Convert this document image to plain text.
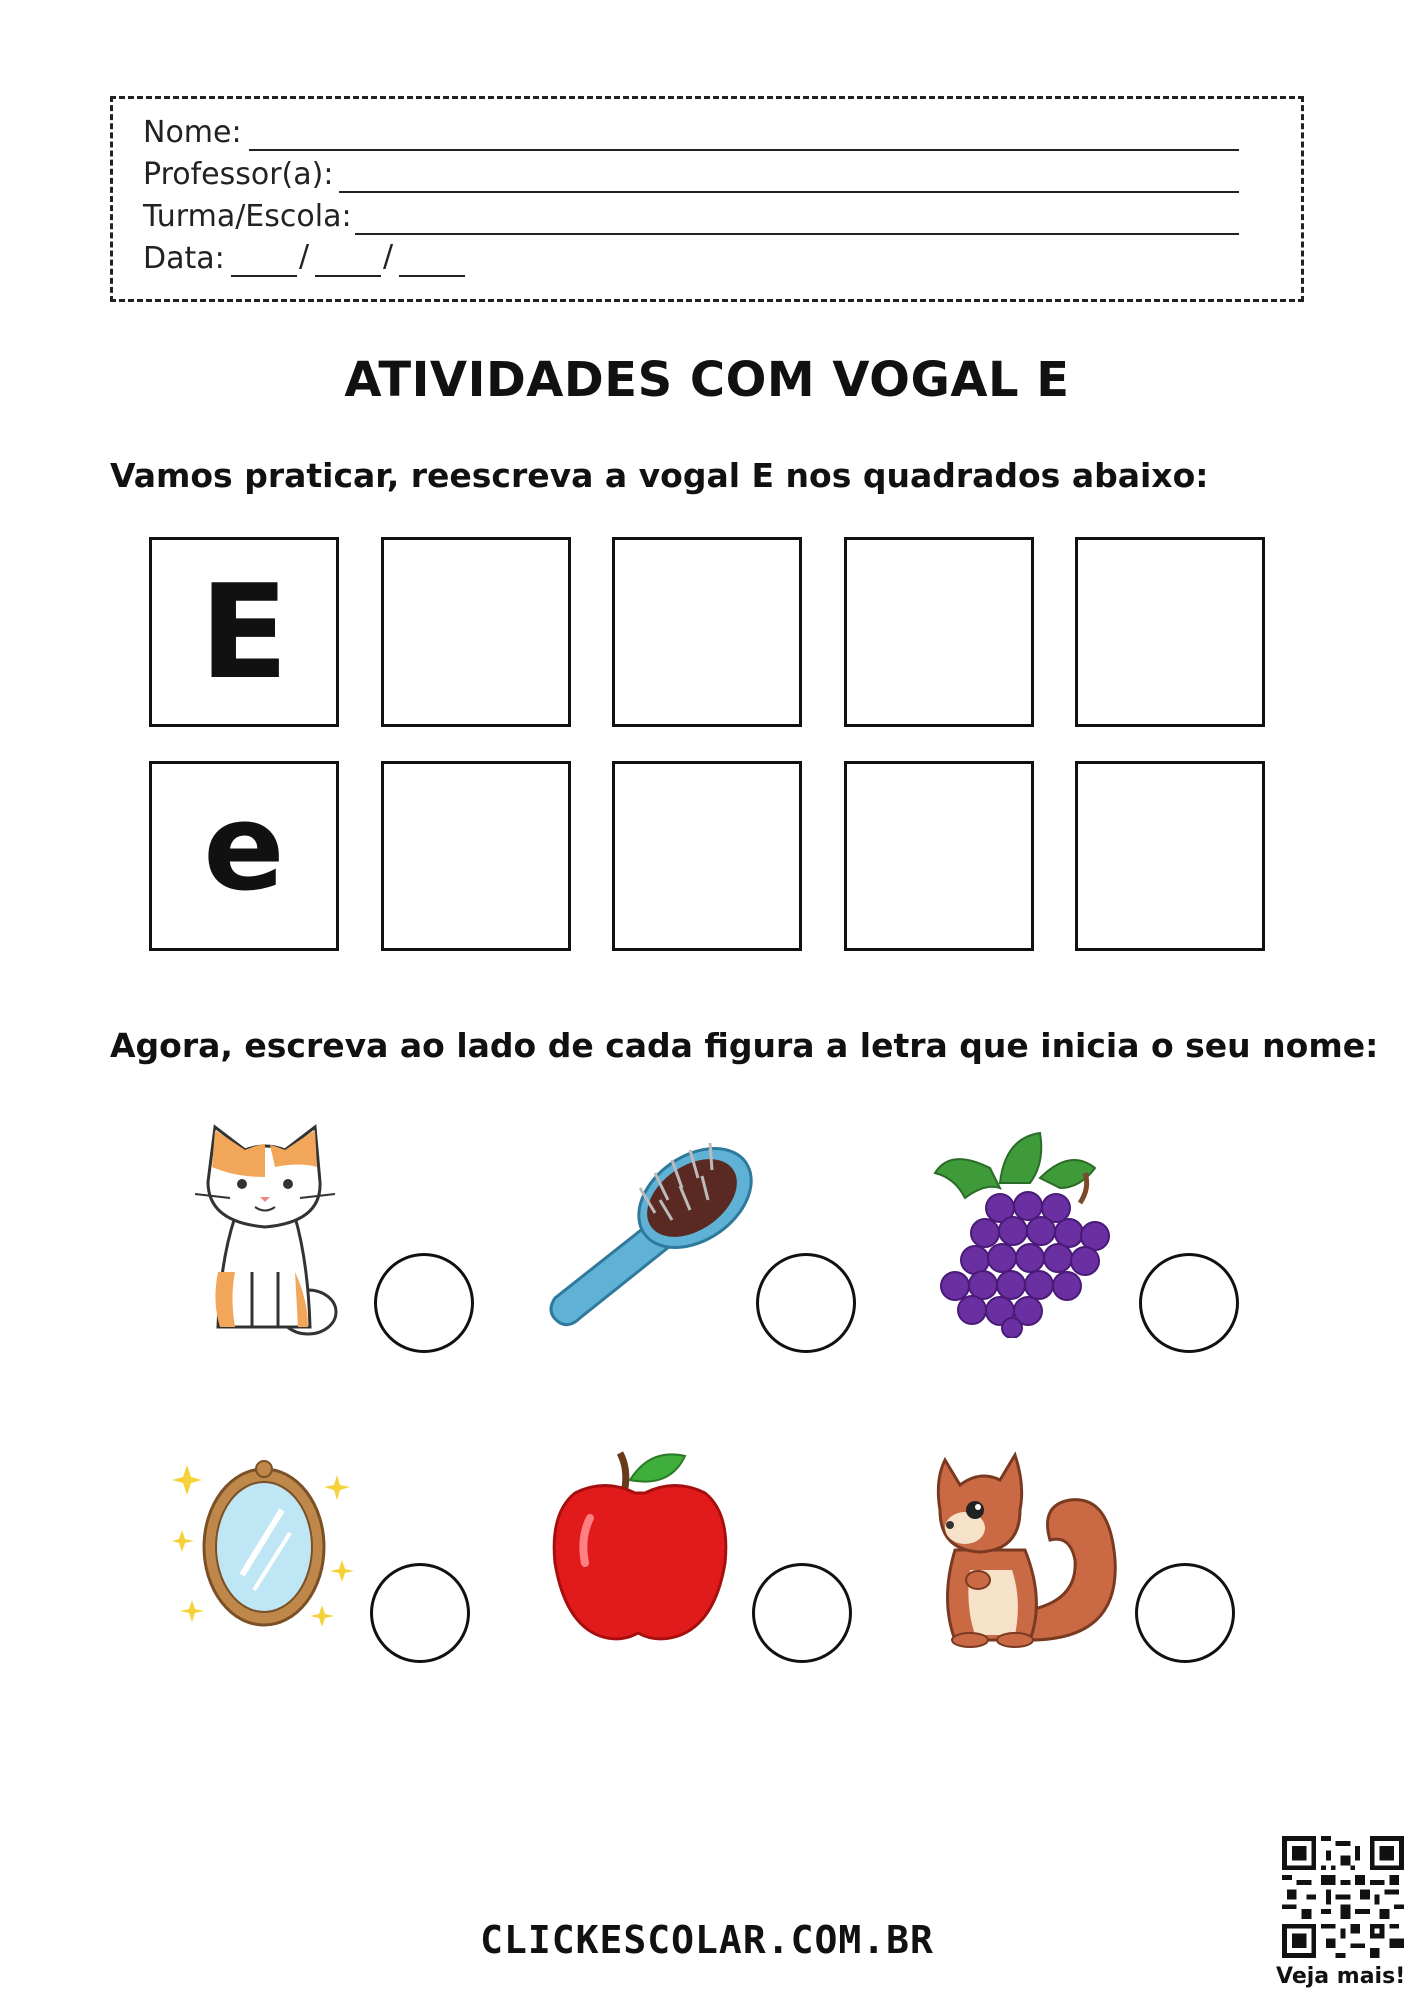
Nome:
Professor(a):
Turma/Escola:
Data: / /
ATIVIDADES COM VOGAL E
Vamos praticar, reescreva a vogal E nos quadrados abaixo:
E
e
Agora, escreva ao lado de cada figura a letra que inicia o seu nome:
CLICKESCOLAR.COM.BR
Veja mais!
